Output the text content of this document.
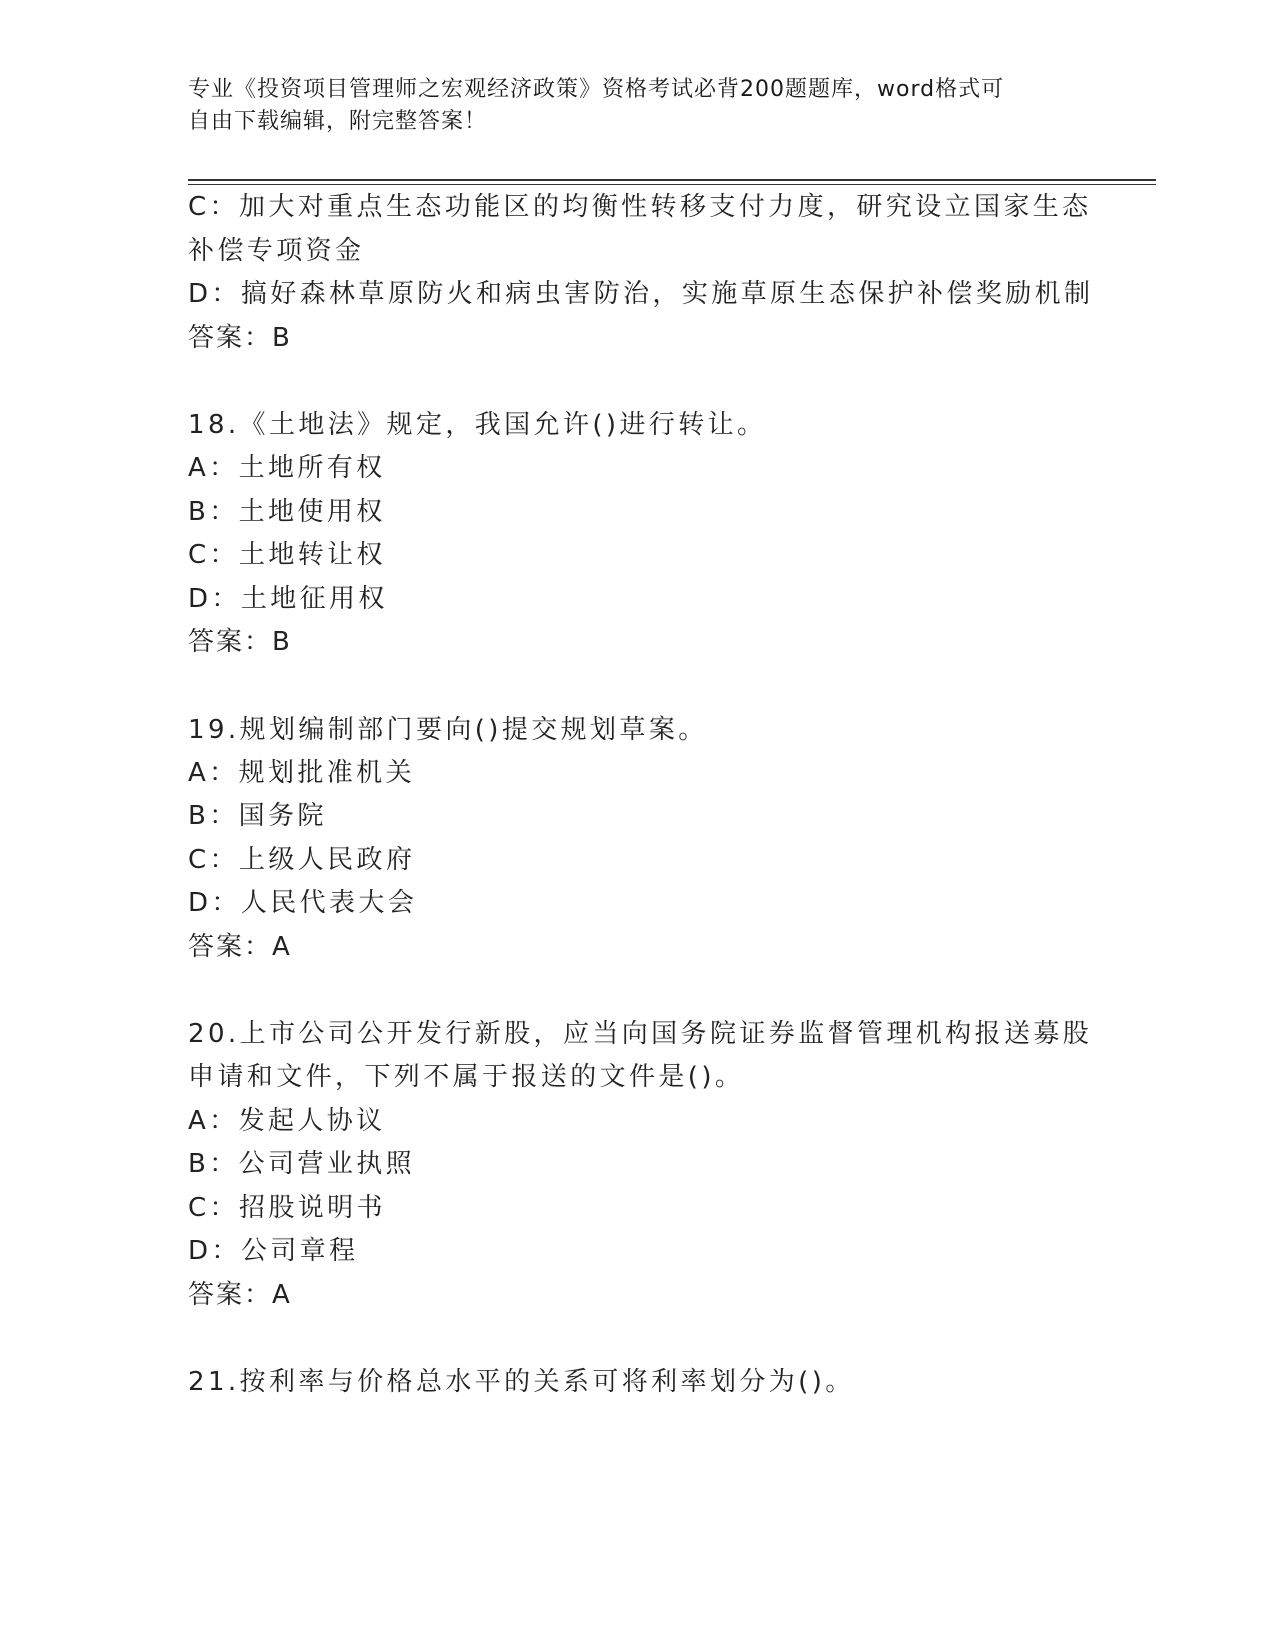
专业《投资项目管理师之宏观经济政策》资格考试必背200题题库，word格式可
自由下载编辑，附完整答案！
C：加大对重点生态功能区的均衡性转移支付力度，研究设立国家生态
补偿专项资金
D：搞好森林草原防火和病虫害防治，实施草原生态保护补偿奖励机制
答案：B
18.《土地法》规定，我国允许()进行转让。
A：土地所有权
B：土地使用权
C：土地转让权
D：土地征用权
答案：B
19.规划编制部门要向()提交规划草案。
A：规划批准机关
B：国务院
C：上级人民政府
D：人民代表大会
答案：A
20.上市公司公开发行新股，应当向国务院证券监督管理机构报送募股
申请和文件，下列不属于报送的文件是()。
A：发起人协议
B：公司营业执照
C：招股说明书
D：公司章程
答案：A
21.按利率与价格总水平的关系可将利率划分为()。
